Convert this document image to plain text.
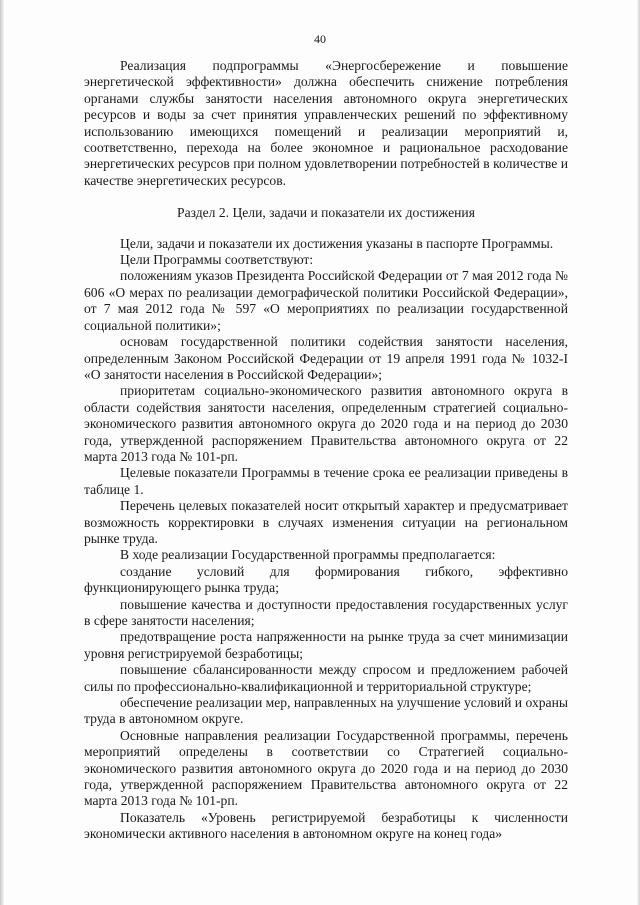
40

Реализация подпрограммы «Энергосбережение и повышение энергетической эффективности» должна обеспечить снижение потребления органами службы занятости населения автономного округа энергетических ресурсов и воды за счет принятия управленческих решений по эффективному использованию имеющихся помещений и реализации мероприятий и, соответственно, перехода на более экономное и рациональное расходование энергетических ресурсов при полном удовлетворении потребностей в количестве и качестве энергетических ресурсов.

Раздел 2. Цели, задачи и показатели их достижения

Цели, задачи и показатели их достижения указаны в паспорте Программы.

Цели Программы соответствуют:

положениям указов Президента Российской Федерации от 7 мая 2012 года № 606 «О мерах по реализации демографической политики Российской Федерации», от 7 мая 2012 года № 597 «О мероприятиях по реализации государственной социальной политики»;

основам государственной политики содействия занятости населения, определенным Законом Российской Федерации от 19 апреля 1991 года № 1032-I «О занятости населения в Российской Федерации»;

приоритетам социально-экономического развития автономного округа в области содействия занятости населения, определенным стратегией социально-экономического развития автономного округа до 2020 года и на период до 2030 года, утвержденной распоряжением Правительства автономного округа от 22 марта 2013 года № 101-рп.

Целевые показатели Программы в течение срока ее реализации приведены в таблице 1.

Перечень целевых показателей носит открытый характер и предусматривает возможность корректировки в случаях изменения ситуации на региональном рынке труда.

В ходе реализации Государственной программы предполагается:

создание условий для формирования гибкого, эффективно функционирующего рынка труда;

повышение качества и доступности предоставления государственных услуг в сфере занятости населения;

предотвращение роста напряженности на рынке труда за счет минимизации уровня регистрируемой безработицы;

повышение сбалансированности между спросом и предложением рабочей силы по профессионально-квалификационной и территориальной структуре;

обеспечение реализации мер, направленных на улучшение условий и охраны труда в автономном округе.

Основные направления реализации Государственной программы, перечень мероприятий определены в соответствии со Стратегией социально-экономического развития автономного округа до 2020 года и на период до 2030 года, утвержденной распоряжением Правительства автономного округа от 22 марта 2013 года № 101-рп.

Показатель «Уровень регистрируемой безработицы к численности экономически активного населения в автономном округе на конец года»
